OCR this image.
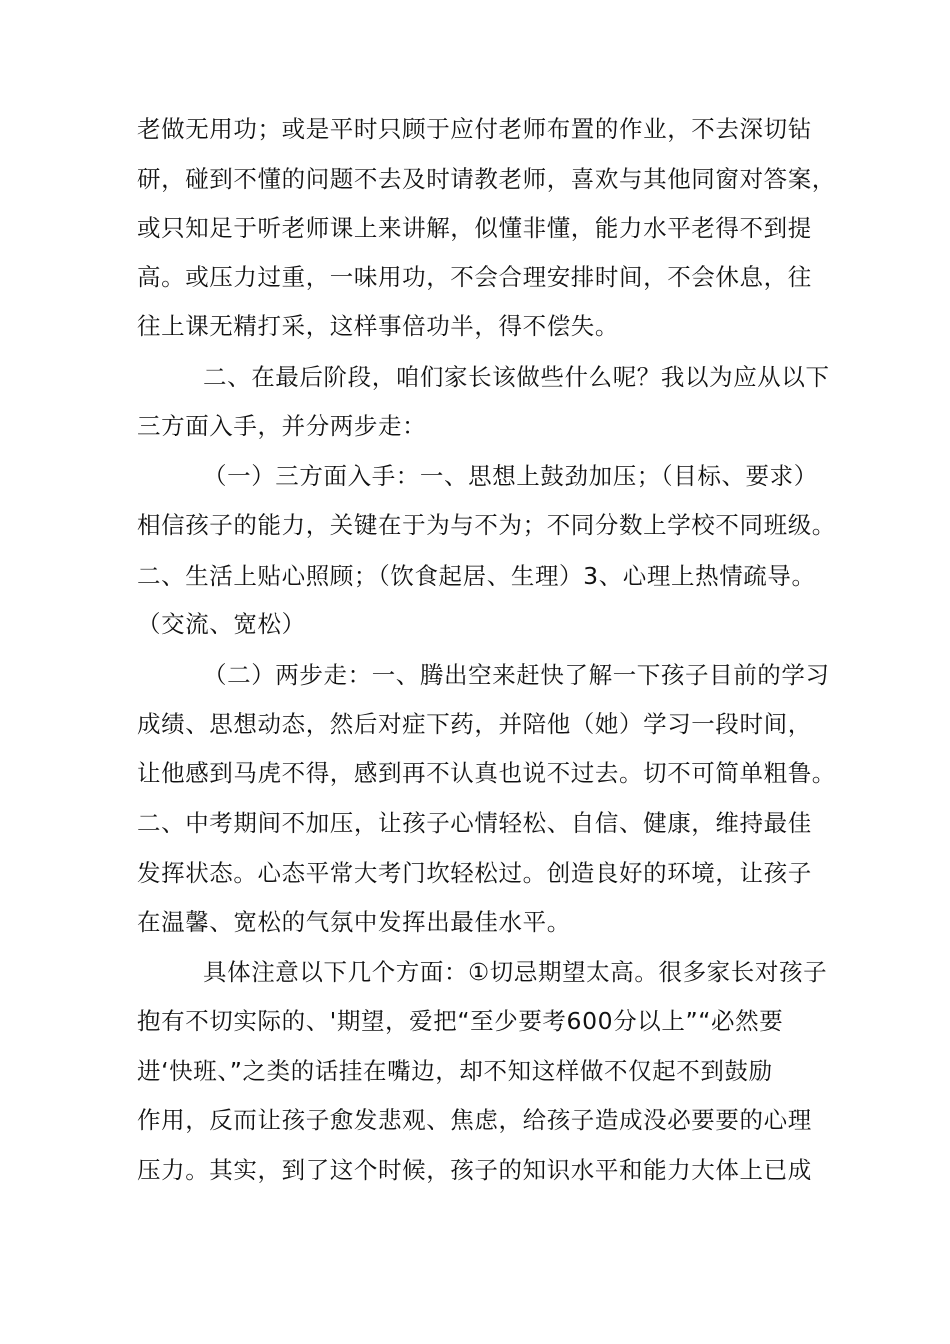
老做无用功；或是平时只顾于应付老师布置的作业，不去深切钻
研，碰到不懂的问题不去及时请教老师，喜欢与其他同窗对答案，
或只知足于听老师课上来讲解，似懂非懂，能力水平老得不到提
高。或压力过重，一味用功，不会合理安排时间，不会休息，往
往上课无精打采，这样事倍功半，得不偿失。
二、在最后阶段，咱们家长该做些什么呢？我以为应从以下
三方面入手，并分两步走：
（一）三方面入手：一、思想上鼓劲加压；（目标、要求）
相信孩子的能力，关键在于为与不为；不同分数上学校不同班级。
二、生活上贴心照顾；（饮食起居、生理）3、心理上热情疏导。
（交流、宽松）
（二）两步走：一、腾出空来赶快了解一下孩子目前的学习
成绩、思想动态，然后对症下药，并陪他（她）学习一段时间，
让他感到马虎不得，感到再不认真也说不过去。切不可简单粗鲁。
二、中考期间不加压，让孩子心情轻松、自信、健康，维持最佳
发挥状态。心态平常大考门坎轻松过。创造良好的环境，让孩子
在温馨、宽松的气氛中发挥出最佳水平。
具体注意以下几个方面：①切忌期望太高。很多家长对孩子
抱有不切实际的、'期望，爱把“至少要考600分以上”“必然要
进‘快班、”之类的话挂在嘴边，却不知这样做不仅起不到鼓励
作用，反而让孩子愈发悲观、焦虑，给孩子造成没必要要的心理
压力。其实，到了这个时候，孩子的知识水平和能力大体上已成
